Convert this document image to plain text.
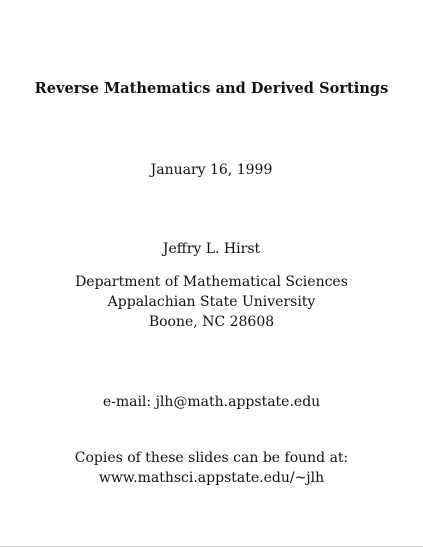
Reverse Mathematics and Derived Sortings
January 16, 1999
Jeffry L. Hirst
Department of Mathematical Sciences
Appalachian State University
Boone, NC 28608
e-mail: jlh@math.appstate.edu
Copies of these slides can be found at:
www.mathsci.appstate.edu/~jlh
